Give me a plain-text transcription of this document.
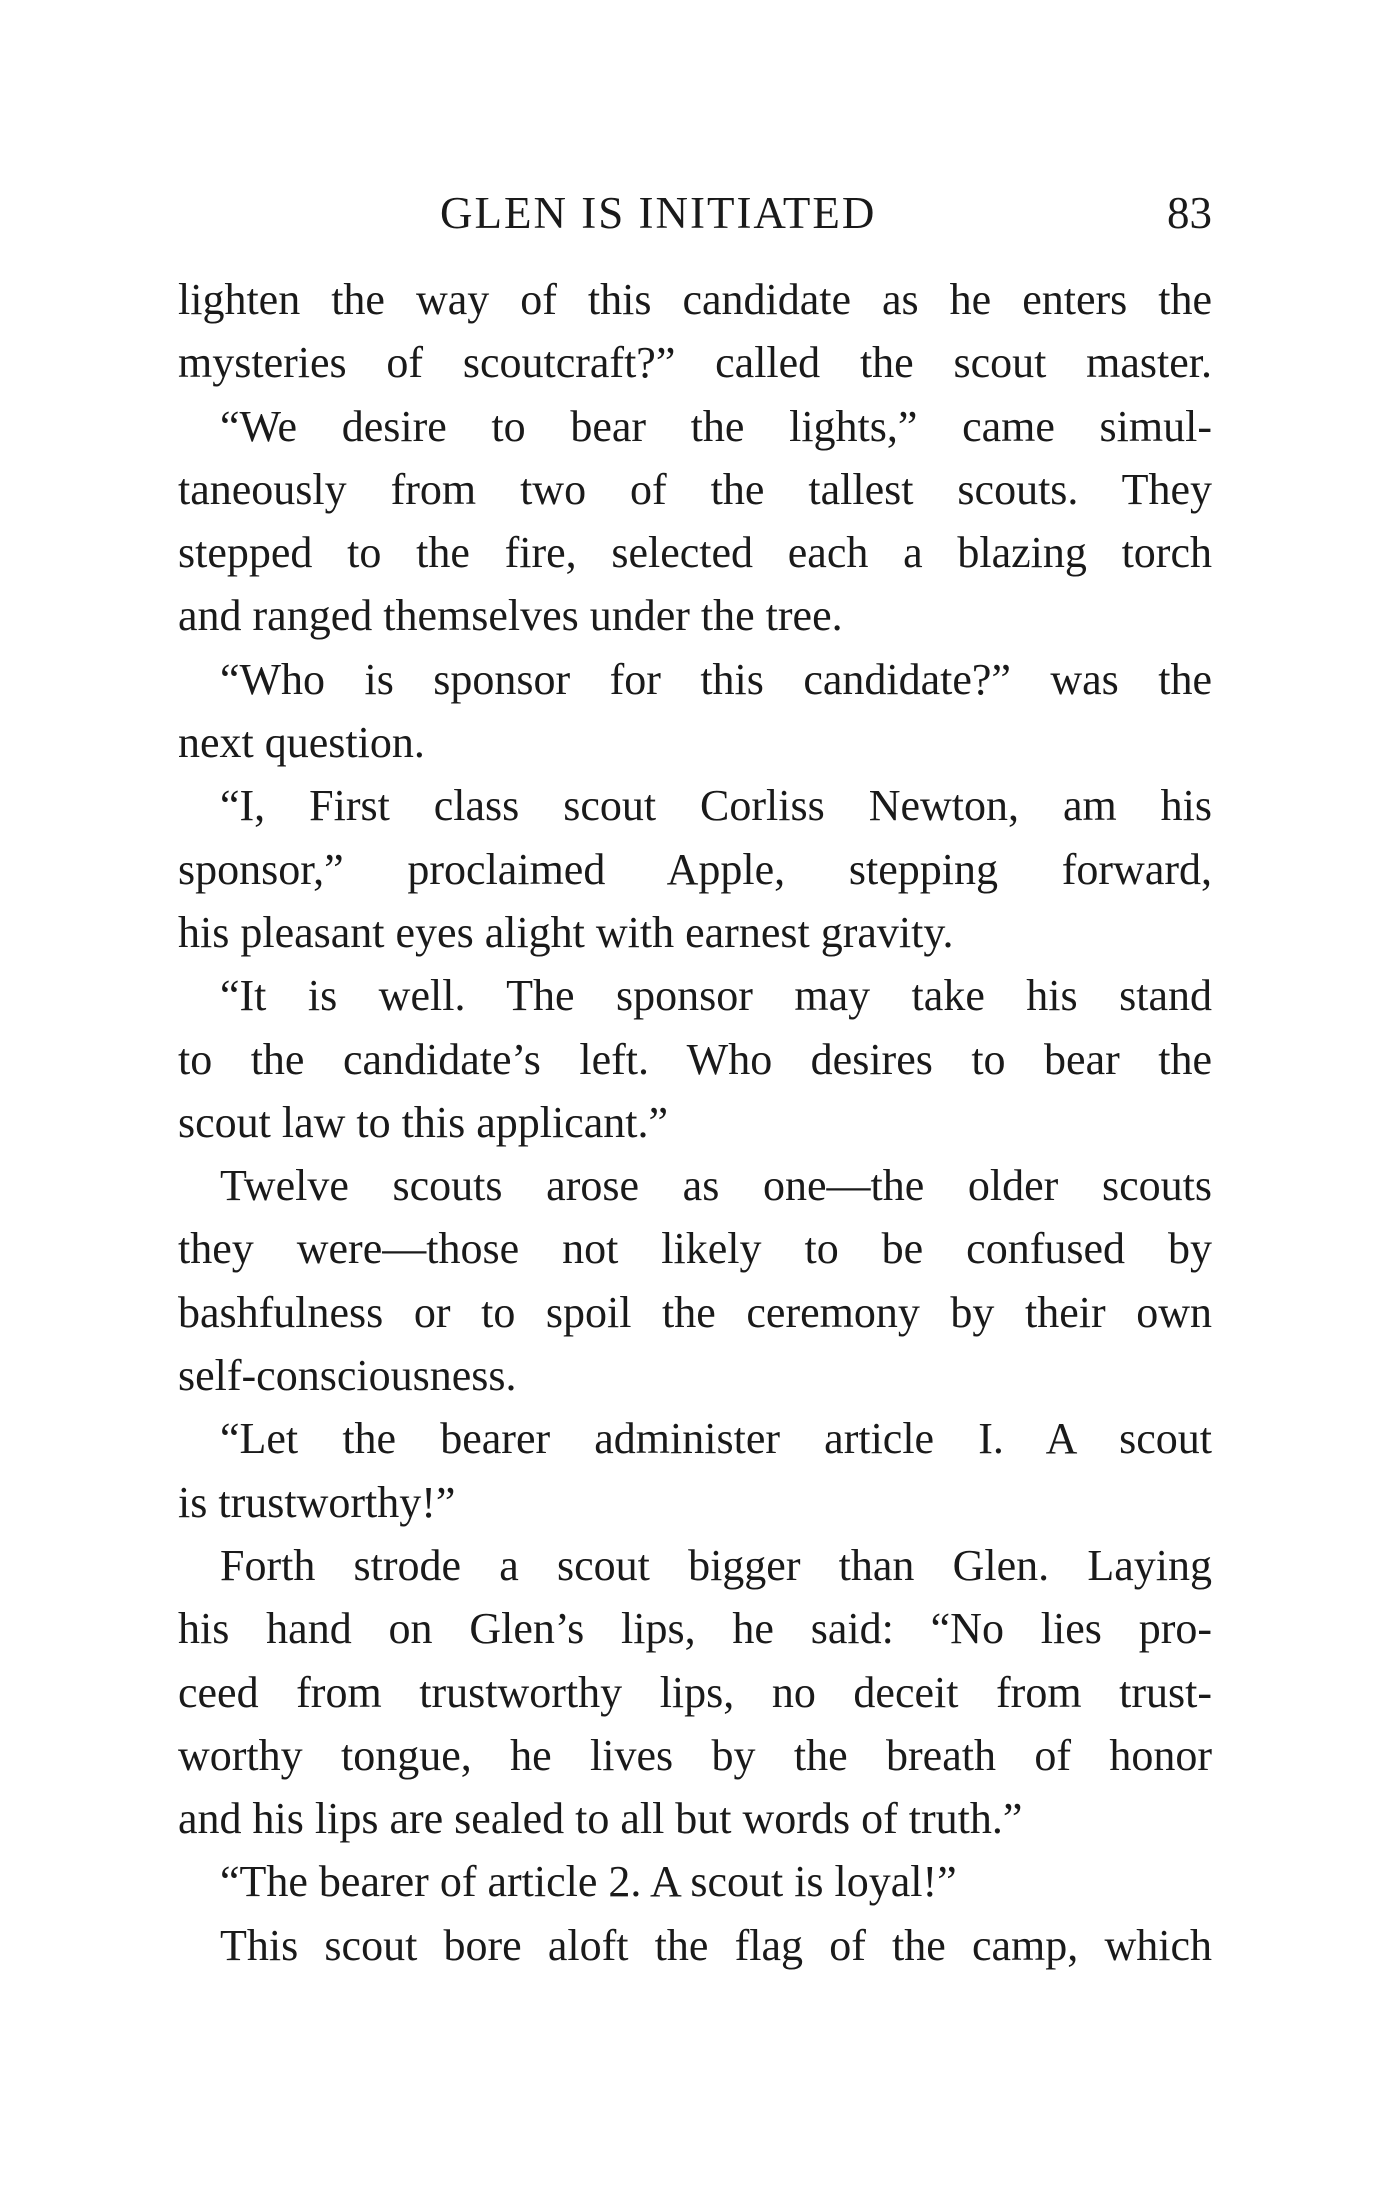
GLEN IS INITIATED	83
lighten the way of this candidate as he enters the
mysteries of scoutcraft?” called the scout master.
“We desire to bear the lights,” came simul-
taneously from two of the tallest scouts. They
stepped to the fire, selected each a blazing torch
and ranged themselves under the tree.
“Who is sponsor for this candidate?” was the
next question.
“I, First class scout Corliss Newton, am his
sponsor,” proclaimed Apple, stepping forward,
his pleasant eyes alight with earnest gravity.
“It is well. The sponsor may take his stand
to the candidate’s left. Who desires to bear the
scout law to this applicant.”
Twelve scouts arose as one—the older scouts
they were—those not likely to be confused by
bashfulness or to spoil the ceremony by their own
self-consciousness.
“Let the bearer administer article I. A scout
is trustworthy!”
Forth strode a scout bigger than Glen. Laying
his hand on Glen’s lips, he said: “No lies pro-
ceed from trustworthy lips, no deceit from trust-
worthy tongue, he lives by the breath of honor
and his lips are sealed to all but words of truth.”
“The bearer of article 2. A scout is loyal!”
This scout bore aloft the flag of the camp, which
